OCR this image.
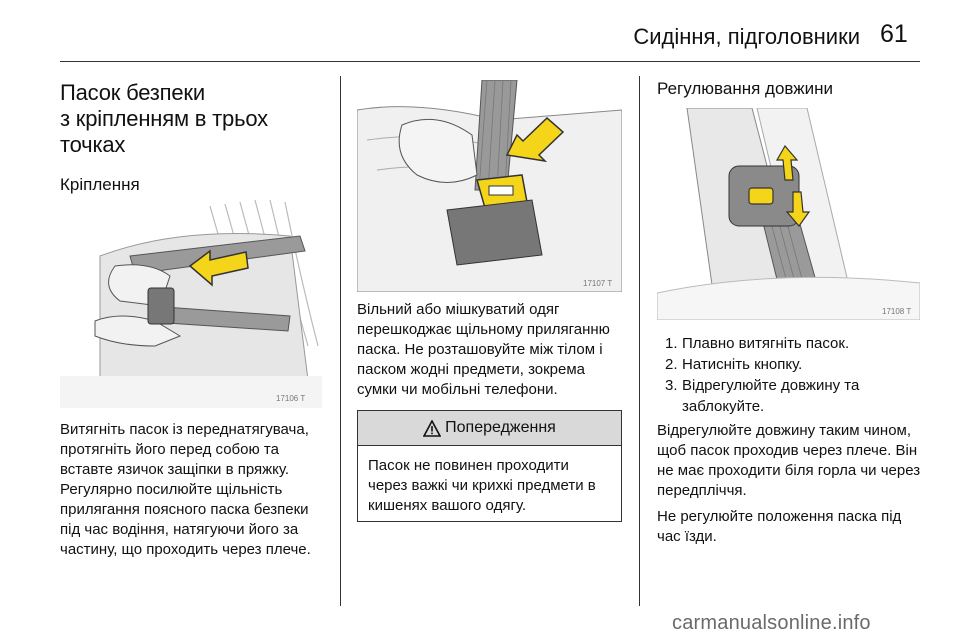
Сидіння, підголовники 61
Пасок безпеки
з кріпленням в трьох
точках
Кріплення
17106 T

Витягніть пасок із переднатягувача, протягніть його перед собою та вставте язичок защіпки в пряжку. Регулярно посилюйте щільність прилягання поясного паска безпеки під час водіння, натягуючи його за частину, що проходить через плече.

17107 T

Вільний або мішкуватий одяг перешкоджає щільному приляганню паска. Не розташовуйте між тілом і паском жодні предмети, зокрема сумки чи мобільні телефони.

Попередження
Пасок не повинен проходити через важкі чи крихкі предмети в кишенях вашого одягу.
Регулювання довжини
17108 T
1. Плавно витягніть пасок.
2. Натисніть кнопку.
3. Відрегулюйте довжину та заблокуйте.

Відрегулюйте довжину таким чином, щоб пасок проходив через плече. Він не має проходити біля горла чи через передпліччя.

Не регулюйте положення паска під час їзди.

carmanualsonline.info
